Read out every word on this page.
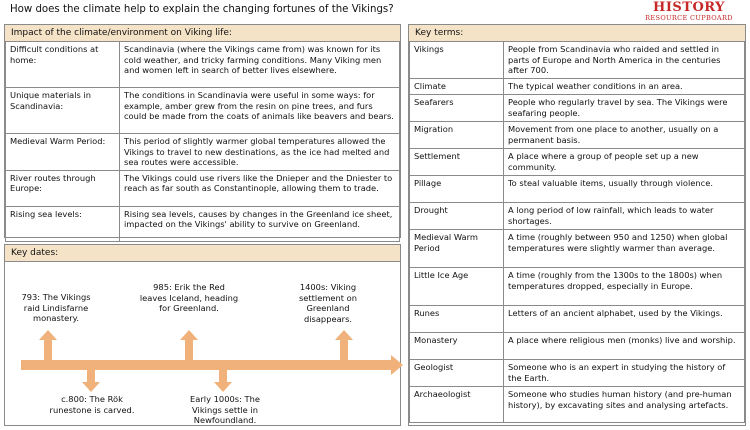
How does the climate help to explain the changing fortunes of the Vikings?	HISTORY
RESOURCE CUPBOARD
Impact of the climate/environment on Viking life:
Difficult conditions at home:	Scandinavia (where the Vikings came from) was known for its cold weather, and tricky farming conditions. Many Viking men and women left in search of better lives elsewhere.
Unique materials in Scandinavia:	The conditions in Scandinavia were useful in some ways: for example, amber grew from the resin on pine trees, and furs could be made from the coats of animals like beavers and bears.
Medieval Warm Period:	This period of slightly warmer global temperatures allowed the Vikings to travel to new destinations, as the ice had melted and sea routes were accessible.
River routes through Europe:	The Vikings could use rivers like the Dnieper and the Dniester to reach as far south as Constantinople, allowing them to trade.
Rising sea levels:	Rising sea levels, causes by changes in the Greenland ice sheet, impacted on the Vikings' ability to survive on Greenland.
Key dates:
793: The Vikings raid Lindisfarne monastery.
c.800: The Rök runestone is carved.
985: Erik the Red leaves Iceland, heading for Greenland.
Early 1000s: The Vikings settle in Newfoundland.
1400s: Viking settlement on Greenland disappears.
Key terms:
Vikings	People from Scandinavia who raided and settled in parts of Europe and North America in the centuries after 700.
Climate	The typical weather conditions in an area.
Seafarers	People who regularly travel by sea. The Vikings were seafaring people.
Migration	Movement from one place to another, usually on a permanent basis.
Settlement	A place where a group of people set up a new community.
Pillage	To steal valuable items, usually through violence.
Drought	A long period of low rainfall, which leads to water shortages.
Medieval Warm Period	A time (roughly between 950 and 1250) when global temperatures were slightly warmer than average.
Little Ice Age	A time (roughly from the 1300s to the 1800s) when temperatures dropped, especially in Europe.
Runes	Letters of an ancient alphabet, used by the Vikings.
Monastery	A place where religious men (monks) live and worship.
Geologist	Someone who is an expert in studying the history of the Earth.
Archaeologist	Someone who studies human history (and pre-human history), by excavating sites and analysing artefacts.
